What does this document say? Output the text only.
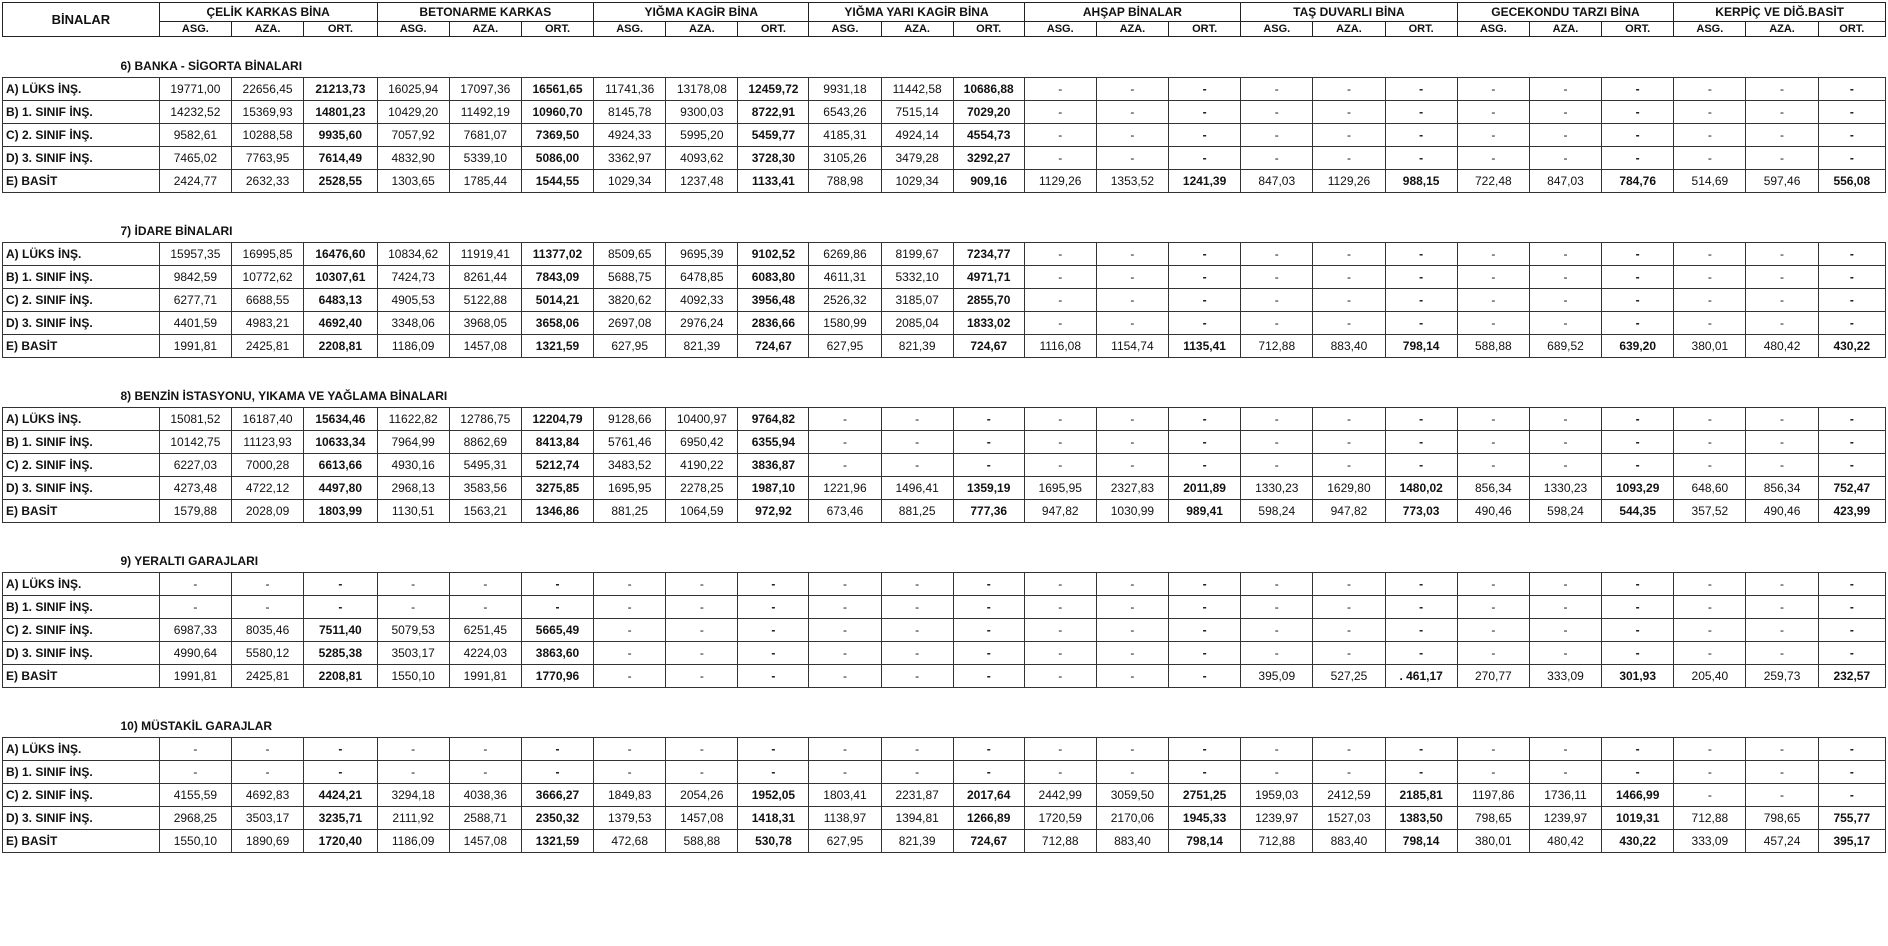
BİNALAR	ÇELİK KARKAS BİNA			BETONARME KARKAS			YIĞMA KAGİR BİNA			YIĞMA YARI KAGİR BİNA			AHŞAP BİNALAR			TAŞ DUVARLI BİNA			GECEKONDU TARZI BİNA			KERPİÇ VE DİĞ.BASİT		
	ASG.	AZA.	ORT.	ASG.	AZA.	ORT.	ASG.	AZA.	ORT.	ASG.	AZA.	ORT.	ASG.	AZA.	ORT.	ASG.	AZA.	ORT.	ASG.	AZA.	ORT.	ASG.	AZA.	ORT.
6) BANKA - SİGORTA BİNALARI																								
A) LÜKS İNŞ.	19771,00	22656,45	21213,73	16025,94	17097,36	16561,65	11741,36	13178,08	12459,72	9931,18	11442,58	10686,88	-	-	-	-	-	-	-	-	-	-	-	-
B) 1. SINIF İNŞ.	14232,52	15369,93	14801,23	10429,20	11492,19	10960,70	8145,78	9300,03	8722,91	6543,26	7515,14	7029,20	-	-	-	-	-	-	-	-	-	-	-	-
C) 2. SINIF İNŞ.	9582,61	10288,58	9935,60	7057,92	7681,07	7369,50	4924,33	5995,20	5459,77	4185,31	4924,14	4554,73	-	-	-	-	-	-	-	-	-	-	-	-
D) 3. SINIF İNŞ.	7465,02	7763,95	7614,49	4832,90	5339,10	5086,00	3362,97	4093,62	3728,30	3105,26	3479,28	3292,27	-	-	-	-	-	-	-	-	-	-	-	-
E) BASİT	2424,77	2632,33	2528,55	1303,65	1785,44	1544,55	1029,34	1237,48	1133,41	788,98	1029,34	909,16	1129,26	1353,52	1241,39	847,03	1129,26	988,15	722,48	847,03	784,76	514,69	597,46	556,08

7) İDARE BİNALARI																								
A) LÜKS İNŞ.	15957,35	16995,85	16476,60	10834,62	11919,41	11377,02	8509,65	9695,39	9102,52	6269,86	8199,67	7234,77	-	-	-	-	-	-	-	-	-	-	-	-
B) 1. SINIF İNŞ.	9842,59	10772,62	10307,61	7424,73	8261,44	7843,09	5688,75	6478,85	6083,80	4611,31	5332,10	4971,71	-	-	-	-	-	-	-	-	-	-	-	-
C) 2. SINIF İNŞ.	6277,71	6688,55	6483,13	4905,53	5122,88	5014,21	3820,62	4092,33	3956,48	2526,32	3185,07	2855,70	-	-	-	-	-	-	-	-	-	-	-	-
D) 3. SINIF İNŞ.	4401,59	4983,21	4692,40	3348,06	3968,05	3658,06	2697,08	2976,24	2836,66	1580,99	2085,04	1833,02	-	-	-	-	-	-	-	-	-	-	-	-
E) BASİT	1991,81	2425,81	2208,81	1186,09	1457,08	1321,59	627,95	821,39	724,67	627,95	821,39	724,67	1116,08	1154,74	1135,41	712,88	883,40	798,14	588,88	689,52	639,20	380,01	480,42	430,22

8) BENZİN İSTASYONU, YIKAMA VE YAĞLAMA BİNALARI																								
A) LÜKS İNŞ.	15081,52	16187,40	15634,46	11622,82	12786,75	12204,79	9128,66	10400,97	9764,82	-	-	-	-	-	-	-	-	-	-	-	-	-	-	-
B) 1. SINIF İNŞ.	10142,75	11123,93	10633,34	7964,99	8862,69	8413,84	5761,46	6950,42	6355,94	-	-	-	-	-	-	-	-	-	-	-	-	-	-	-
C) 2. SINIF İNŞ.	6227,03	7000,28	6613,66	4930,16	5495,31	5212,74	3483,52	4190,22	3836,87	-	-	-	-	-	-	-	-	-	-	-	-	-	-	-
D) 3. SINIF İNŞ.	4273,48	4722,12	4497,80	2968,13	3583,56	3275,85	1695,95	2278,25	1987,10	1221,96	1496,41	1359,19	1695,95	2327,83	2011,89	1330,23	1629,80	1480,02	856,34	1330,23	1093,29	648,60	856,34	752,47
E) BASİT	1579,88	2028,09	1803,99	1130,51	1563,21	1346,86	881,25	1064,59	972,92	673,46	881,25	777,36	947,82	1030,99	989,41	598,24	947,82	773,03	490,46	598,24	544,35	357,52	490,46	423,99

9) YERALTI GARAJLARI																								
A) LÜKS İNŞ.	-	-	-	-	-	-	-	-	-	-	-	-	-	-	-	-	-	-	-	-	-	-	-	-
B) 1. SINIF İNŞ.	-	-	-	-	-	-	-	-	-	-	-	-	-	-	-	-	-	-	-	-	-	-	-	-
C) 2. SINIF İNŞ.	6987,33	8035,46	7511,40	5079,53	6251,45	5665,49	-	-	-	-	-	-	-	-	-	-	-	-	-	-	-	-	-	-
D) 3. SINIF İNŞ.	4990,64	5580,12	5285,38	3503,17	4224,03	3863,60	-	-	-	-	-	-	-	-	-	-	-	-	-	-	-	-	-	-
E) BASİT	1991,81	2425,81	2208,81	1550,10	1991,81	1770,96	-	-	-	-	-	-	-	-	-	395,09	527,25	. 461,17	270,77	333,09	301,93	205,40	259,73	232,57

10) MÜSTAKİL GARAJLAR																								
A) LÜKS İNŞ.	-	-	-	-	-	-	-	-	-	-	-	-	-	-	-	-	-	-	-	-	-	-	-	-
B) 1. SINIF İNŞ.	-	-	-	-	-	-	-	-	-	-	-	-	-	-	-	-	-	-	-	-	-	-	-	-
C) 2. SINIF İNŞ.	4155,59	4692,83	4424,21	3294,18	4038,36	3666,27	1849,83	2054,26	1952,05	1803,41	2231,87	2017,64	2442,99	3059,50	2751,25	1959,03	2412,59	2185,81	1197,86	1736,11	1466,99	-	-	-
D) 3. SINIF İNŞ.	2968,25	3503,17	3235,71	2111,92	2588,71	2350,32	1379,53	1457,08	1418,31	1138,97	1394,81	1266,89	1720,59	2170,06	1945,33	1239,97	1527,03	1383,50	798,65	1239,97	1019,31	712,88	798,65	755,77
E) BASİT	1550,10	1890,69	1720,40	1186,09	1457,08	1321,59	472,68	588,88	530,78	627,95	821,39	724,67	712,88	883,40	798,14	712,88	883,40	798,14	380,01	480,42	430,22	333,09	457,24	395,17
